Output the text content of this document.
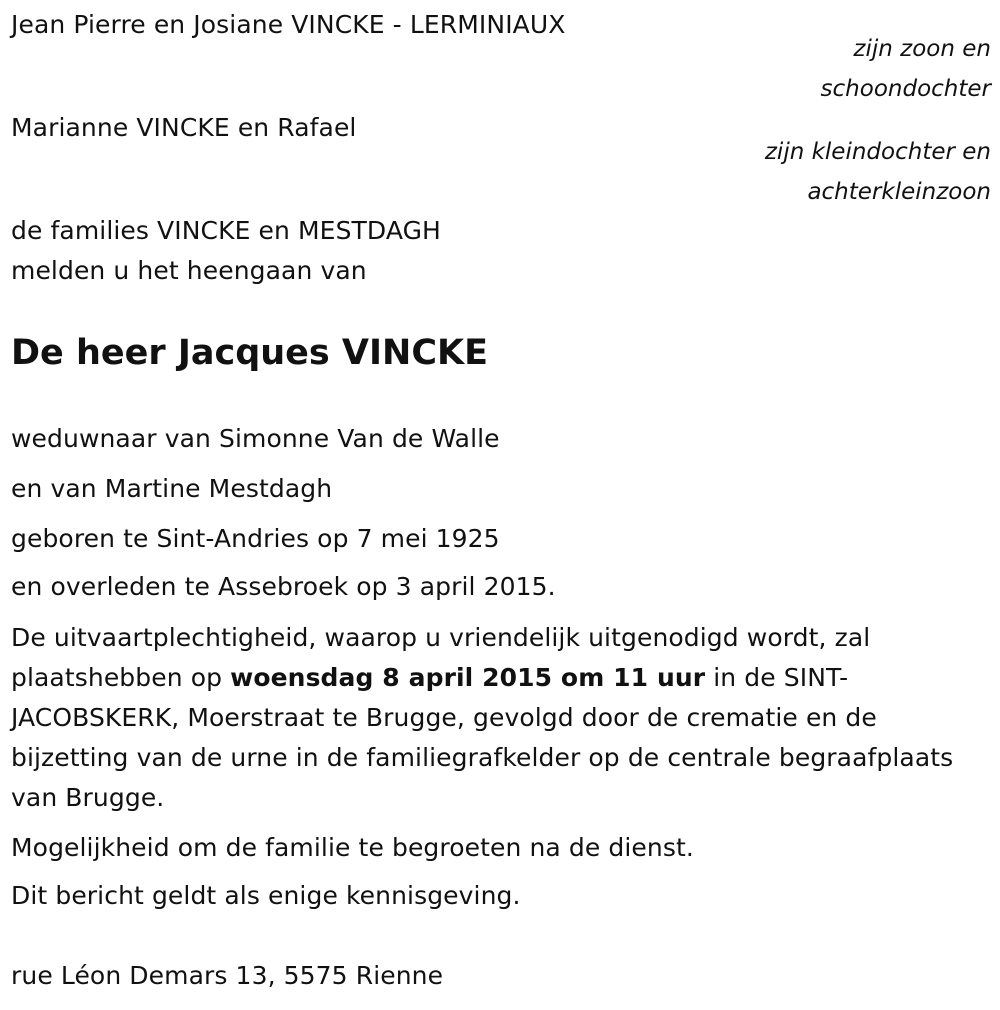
Jean Pierre en Josiane VINCKE - LERMINIAUX
zijn zoon en
schoondochter
Marianne VINCKE en Rafael
zijn kleindochter en
achterkleinzoon
de families VINCKE en MESTDAGH
melden u het heengaan van
De heer Jacques VINCKE
weduwnaar van Simonne Van de Walle
en van Martine Mestdagh
geboren te Sint-Andries op 7 mei 1925
en overleden te Assebroek op 3 april 2015.
De uitvaartplechtigheid, waarop u vriendelijk uitgenodigd wordt, zal plaatshebben op woensdag 8 april 2015 om 11 uur in de SINT-JACOBSKERK, Moerstraat te Brugge, gevolgd door de crematie en de bijzetting van de urne in de familiegrafkelder op de centrale begraafplaats van Brugge.
Mogelijkheid om de familie te begroeten na de dienst.
Dit bericht geldt als enige kennisgeving.
rue Léon Demars 13, 5575 Rienne
